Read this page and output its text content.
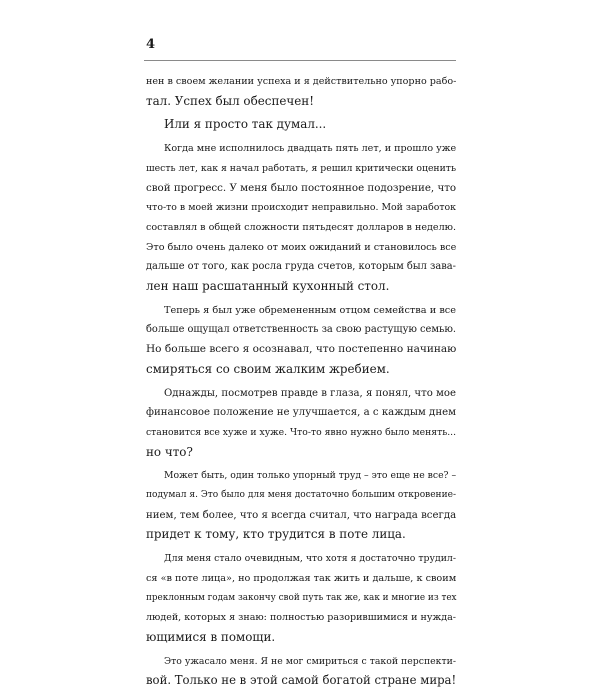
4
нен в своем желании успеха и я действительно упорно рабо-
тал. Успех был обеспечен!
Или я просто так думал...
Когда мне исполнилось двадцать пять лет, и прошло уже
шесть лет, как я начал работать, я решил критически оценить
свой прогресс. У меня было постоянное подозрение, что
что-то в моей жизни происходит неправильно. Мой заработок
составлял в общей сложности пятьдесят долларов в неделю.
Это было очень далеко от моих ожиданий и становилось все
дальше от того, как росла груда счетов, которым был зава-
лен наш расшатанный кухонный стол.
Теперь я был уже обремененным отцом семейства и все
больше ощущал ответственность за свою растущую семью.
Но больше всего я осознавал, что постепенно начинаю
смиряться со своим жалким жребием.
Однажды, посмотрев правде в глаза, я понял, что мое
финансовое положение не улучшается, а с каждым днем
становится все хуже и хуже. Что-то явно нужно было менять...
но что?
Может быть, один только упорный труд – это еще не все? –
подумал я. Это было для меня достаточно большим откровение-
нием, тем более, что я всегда считал, что награда всегда
придет к тому, кто трудится в поте лица.
Для меня стало очевидным, что хотя я достаточно трудил-
ся «в поте лица», но продолжая так жить и дальше, к своим
преклонным годам закончу свой путь так же, как и многие из тех
людей, которых я знаю: полностью разорившимися и нужда-
ющимися в помощи.
Это ужасало меня. Я не мог смириться с такой перспекти-
вой. Только не в этой самой богатой стране мира!
